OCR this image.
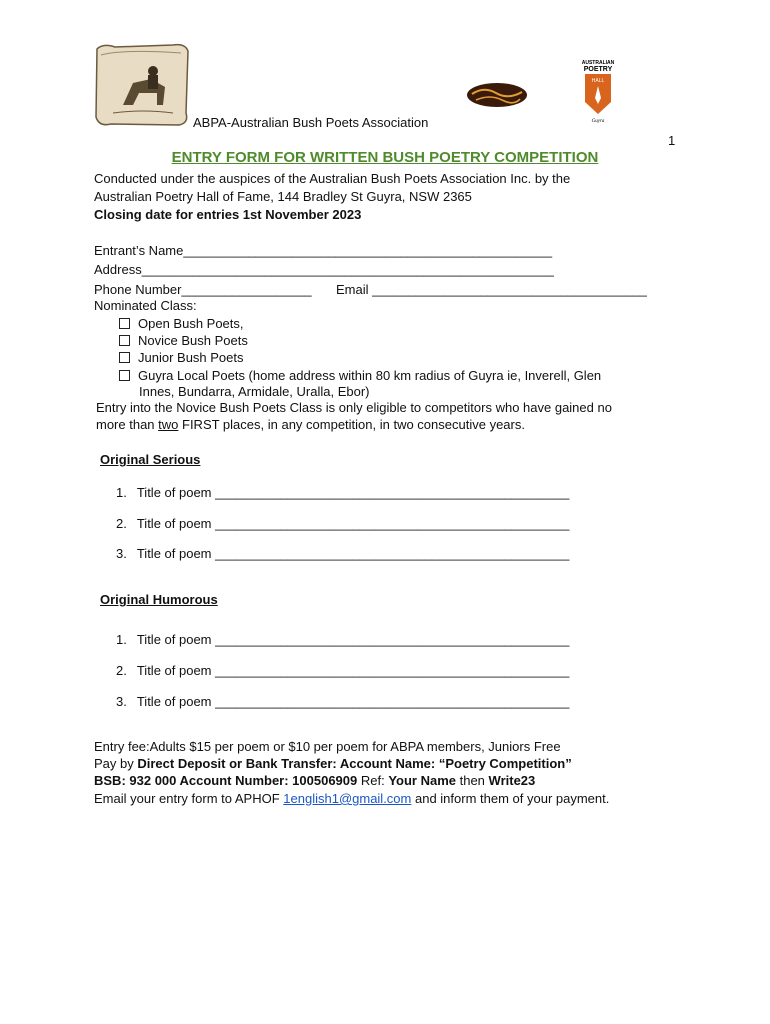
AUSTRALIAN
POETRY
HALL
Guyra
ABPA-Australian Bush Poets Association
1
ENTRY FORM FOR WRITTEN BUSH POETRY COMPETITION
Conducted under the auspices of the Australian Bush Poets Association Inc. by the
Australian Poetry Hall of Fame, 144 Bradley St Guyra, NSW 2365
Closing date for entries 1st November 2023
Entrant’s Name___________________________________________________
Address_________________________________________________________
Phone Number__________________ Email ______________________________________
Nominated Class:
Open Bush Poets,
Novice Bush Poets
Junior Bush Poets
Guyra Local Poets (home address within 80 km radius of Guyra ie, Inverell, Glen
Innes, Bundarra, Armidale, Uralla, Ebor)
Entry into the Novice Bush Poets Class is only eligible to competitors who have gained no
more than two FIRST places, in any competition, in two consecutive years.
Original Serious
1. Title of poem _________________________________________________
2. Title of poem _________________________________________________
3. Title of poem _________________________________________________
Original Humorous
1. Title of poem _________________________________________________
2. Title of poem _________________________________________________
3. Title of poem _________________________________________________
Entry fee:Adults $15 per poem or $10 per poem for ABPA members, Juniors Free
Pay by Direct Deposit or Bank Transfer: Account Name: “Poetry Competition”
BSB: 932 000 Account Number: 100506909 Ref: Your Name then Write23
Email your entry form to APHOF 1english1@gmail.com and inform them of your payment.
